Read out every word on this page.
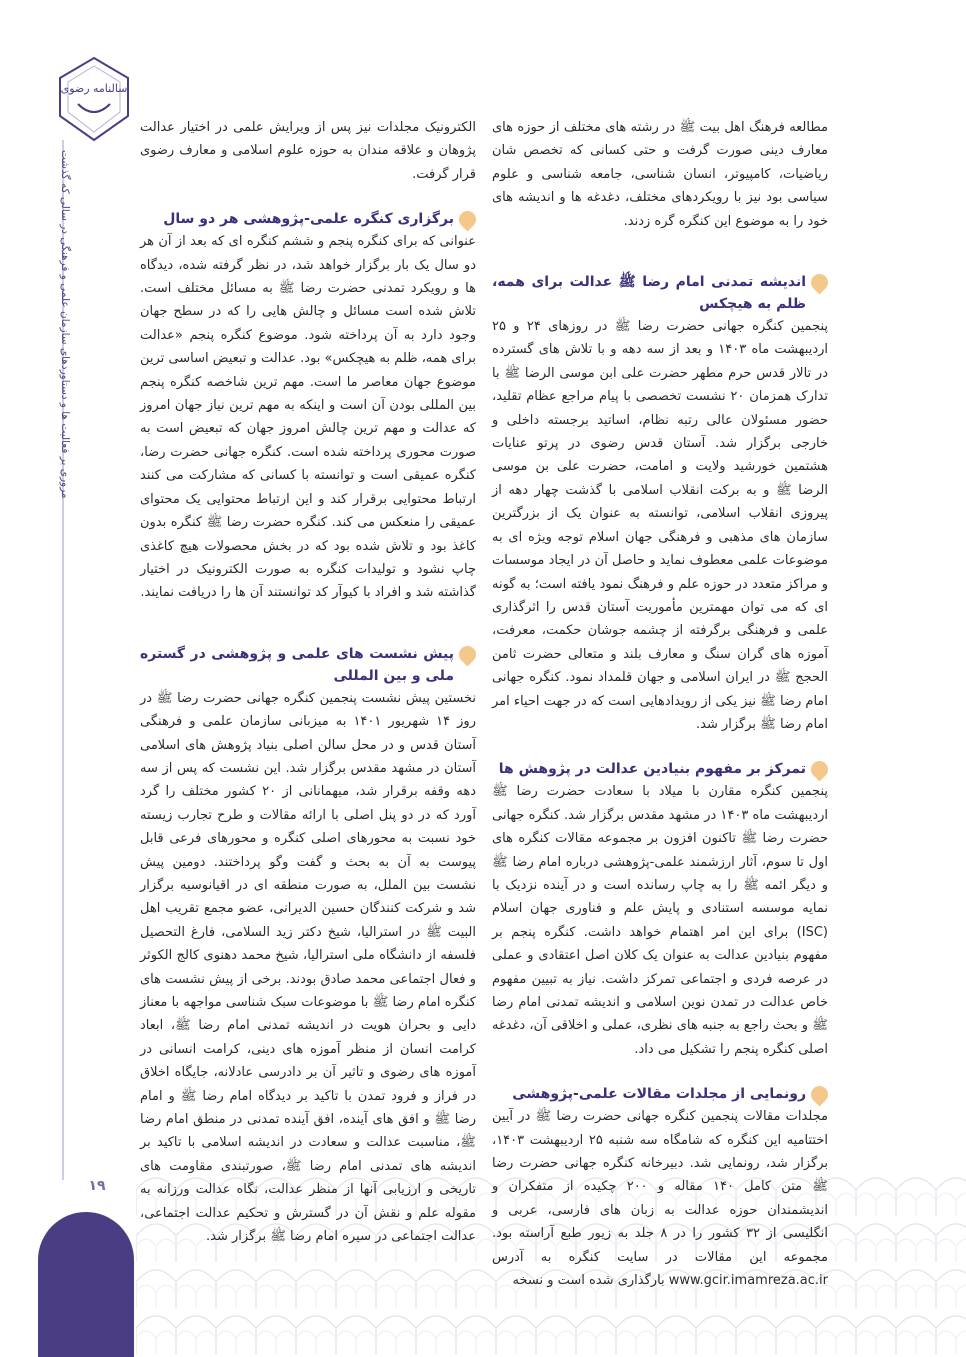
سالنامه رضوی
مروری بر فعالیت ها و دستاوردهای سازمان علمی و فرهنگی در سالی که گذشت
۱۹

مطالعه فرهنگ اهل بیت ﷺ در رشته های مختلف از حوزه های معارف دینی صورت گرفت و حتی کسانی که تخصص شان ریاضیات، کامپیوتر، انسان شناسی، جامعه شناسی و علوم سیاسی بود نیز با رویکردهای مختلف، دغدغه ها و اندیشه های خود را به موضوع این کنگره گره زدند.

اندیشه تمدنی امام رضا ﷺ عدالت برای همه، ظلم به هیچکس

پنجمین کنگره جهانی حضرت رضا ﷺ در روزهای ۲۴ و ۲۵ اردیبهشت ماه ۱۴۰۳ و بعد از سه دهه و با تلاش های گسترده در تالار قدس حرم مطهر حضرت علی ابن موسی الرضا ﷺ با تدارک همزمان ۲۰ نشست تخصصی با پیام مراجع عظام تقلید، حضور مسئولان عالی رتبه نظام، اساتید برجسته داخلی و خارجی برگزار شد. آستان قدس رضوی در پرتو عنایات هشتمین خورشید ولایت و امامت، حضرت علی بن موسی الرضا ﷺ و به برکت انقلاب اسلامی با گذشت چهار دهه از پیروزی انقلاب اسلامی، توانسته به عنوان یک از بزرگترین سازمان های مذهبی و فرهنگی جهان اسلام توجه ویژه ای به موضوعات علمی معطوف نماید و حاصل آن در ایجاد موسسات و مراکز متعدد در حوزه علم و فرهنگ نمود یافته است؛ به گونه ای که می توان مهمترین مأموریت آستان قدس را اثرگذاری علمی و فرهنگی برگرفته از چشمه جوشان حکمت، معرفت، آموزه های گران سنگ و معارف بلند و متعالی حضرت ثامن الحجج ﷺ در ایران اسلامی و جهان قلمداد نمود. کنگره جهانی امام رضا ﷺ نیز یکی از رویدادهایی است که در جهت احیاء امر امام رضا ﷺ برگزار شد.

تمرکز بر مفهوم بنیادین عدالت در پژوهش ها

پنجمین کنگره مقارن با میلاد با سعادت حضرت رضا ﷺ اردیبهشت ماه ۱۴۰۳ در مشهد مقدس برگزار شد. کنگره جهانی حضرت رضا ﷺ تاکنون افزون بر مجموعه مقالات کنگره های اول تا سوم، آثار ارزشمند علمی-پژوهشی درباره امام رضا ﷺ و دیگر ائمه ﷺ را به چاپ رسانده است و در آینده نزدیک با نمایه موسسه استنادی و پایش علم و فناوری جهان اسلام (ISC) برای این امر اهتمام خواهد داشت. کنگره پنجم بر مفهوم بنیادین عدالت به عنوان یک کلان اصل اعتقادی و عملی در عرصه فردی و اجتماعی تمرکز داشت. نیاز به تبیین مفهوم خاص عدالت در تمدن نوین اسلامی و اندیشه تمدنی امام رضا ﷺ و بحث راجع به جنبه های نظری، عملی و اخلاقی آن، دغدغه اصلی کنگره پنجم را تشکیل می داد.

رونمایی از مجلدات مقالات علمی-پژوهشی

مجلدات مقالات پنجمین کنگره جهانی حضرت رضا ﷺ در آیین اختتامیه این کنگره که شامگاه سه شنبه ۲۵ اردیبهشت ۱۴۰۳، برگزار شد، رونمایی شد. دبیرخانه کنگره جهانی حضرت رضا ﷺ متن کامل ۱۴۰ مقاله و ۲۰۰ چکیده از متفکران و اندیشمندان حوزه عدالت به زبان های فارسی، عربی و انگلیسی از ۳۲ کشور را در ۸ جلد به زیور طبع آراسته بود. مجموعه این مقالات در سایت کنگره به آدرس www.gcir.imamreza.ac.ir بارگذاری شده است و نسخه

الکترونیک مجلدات نیز پس از ویرایش علمی در اختیار عدالت پژوهان و علاقه مندان به حوزه علوم اسلامی و معارف رضوی قرار گرفت.

برگزاری کنگره علمی-پژوهشی هر دو سال

عنوانی که برای کنگره پنجم و ششم کنگره ای که بعد از آن هر دو سال یک بار برگزار خواهد شد، در نظر گرفته شده، دیدگاه ها و رویکرد تمدنی حضرت رضا ﷺ به مسائل مختلف است. تلاش شده است مسائل و چالش هایی را که در سطح جهان وجود دارد به آن پرداخته شود. موضوع کنگره پنجم «عدالت برای همه، ظلم به هیچکس» بود. عدالت و تبعیض اساسی ترین موضوع جهان معاصر ما است. مهم ترین شاخصه کنگره پنجم بین المللی بودن آن است و اینکه به مهم ترین نیاز جهان امروز که عدالت و مهم ترین چالش امروز جهان که تبعیض است به صورت محوری پرداخته شده است. کنگره جهانی حضرت رضا، کنگره عمیقی است و توانسته با کسانی که مشارکت می کنند ارتباط محتوایی برقرار کند و این ارتباط محتوایی یک محتوای عمیقی را منعکس می کند. کنگره حضرت رضا ﷺ کنگره بدون کاغذ بود و تلاش شده بود که در بخش محصولات هیچ کاغذی چاپ نشود و تولیدات کنگره به صورت الکترونیک در اختیار گذاشته شد و افراد با کیوآر کد توانستند آن ها را دریافت نمایند.

پیش نشست های علمی و پژوهشی در گستره ملی و بین المللی

نخستین پیش نشست پنجمین کنگره جهانی حضرت رضا ﷺ در روز ۱۴ شهریور ۱۴۰۱ به میزبانی سازمان علمی و فرهنگی آستان قدس و در محل سالن اصلی بنیاد پژوهش های اسلامی آستان در مشهد مقدس برگزار شد. این نشست که پس از سه دهه وقفه برقرار شد، میهمانانی از ۲۰ کشور مختلف را گرد آورد که در دو پنل اصلی با ارائه مقالات و طرح تجارب زیسته خود نسبت به محورهای اصلی کنگره و محورهای فرعی قابل پیوست به آن به بحث و گفت وگو پرداختند. دومین پیش نشست بین الملل، به صورت منطقه ای در اقیانوسیه برگزار شد و شرکت کنندگان حسین الدیرانی، عضو مجمع تقریب اهل البیت ﷺ در استرالیا، شیخ دکتر زید السلامی، فارغ التحصیل فلسفه از دانشگاه ملی استرالیا، شیخ محمد دهنوی کالج الکوثر و فعال اجتماعی محمد صادق بودند. برخی از پیش نشست های کنگره امام رضا ﷺ با موضوعات سبک شناسی مواجهه با معناز دایی و بحران هویت در اندیشه تمدنی امام رضا ﷺ، ابعاد کرامت انسان از منظر آموزه های دینی، کرامت انسانی در آموزه های رضوی و تاثیر آن بر دادرسی عادلانه، جایگاه اخلاق در فراز و فرود تمدن با تاکید بر دیدگاه امام رضا ﷺ و امام رضا ﷺ و افق های آینده، افق آینده تمدنی در منطق امام رضا ﷺ، مناسبت عدالت و سعادت در اندیشه اسلامی با تاکید بر اندیشه های تمدنی امام رضا ﷺ، صورتبندی مقاومت های تاریخی و ارزیابی آنها از منظر عدالت، نگاه عدالت ورزانه به مقوله علم و نقش آن در گسترش و تحکیم عدالت اجتماعی، عدالت اجتماعی در سیره امام رضا ﷺ برگزار شد.
